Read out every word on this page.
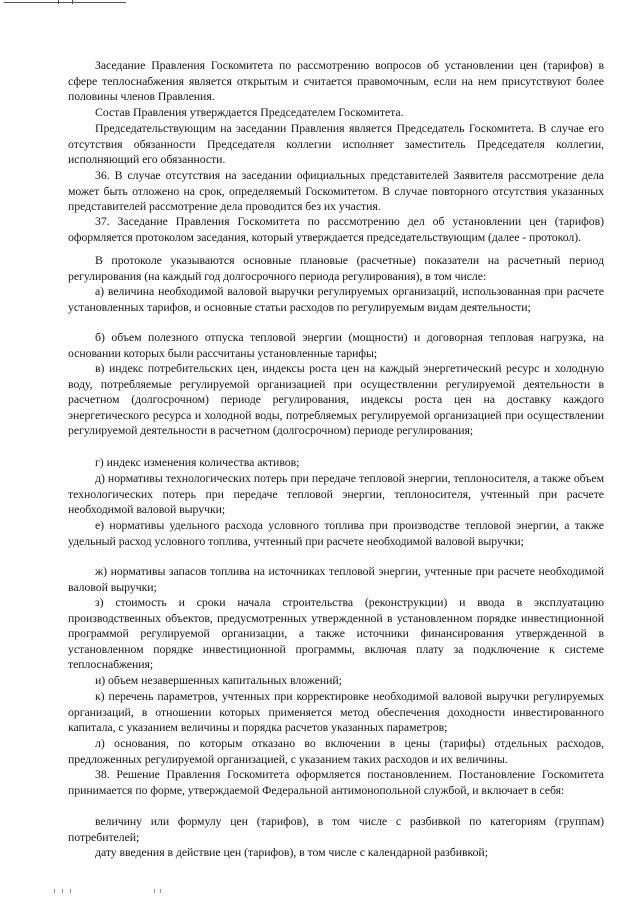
Заседание Правления Госкомитета по рассмотрению вопросов об установлении цен (тарифов) в сфере теплоснабжения является открытым и считается правомочным, если на нем присутствуют более половины членов Правления.

Состав Правления утверждается Председателем Госкомитета.

Председательствующим на заседании Правления является Председатель Госкомитета. В случае его отсутствия обязанности Председателя коллегии исполняет заместитель Председателя коллегии, исполняющий его обязанности.

36. В случае отсутствия на заседании официальных представителей Заявителя рассмотрение дела может быть отложено на срок, определяемый Госкомитетом. В случае повторного отсутствия указанных представителей рассмотрение дела проводится без их участия.

37. Заседание Правления Госкомитета по рассмотрению дел об установлении цен (тарифов) оформляется протоколом заседания, который утверждается председательствующим (далее - протокол).

В протоколе указываются основные плановые (расчетные) показатели на расчетный период регулирования (на каждый год долгосрочного периода регулирования), в том числе:

а) величина необходимой валовой выручки регулируемых организаций, использованная при расчете установленных тарифов, и основные статьи расходов по регулируемым видам деятельности;

б) объем полезного отпуска тепловой энергии (мощности) и договорная тепловая нагрузка, на основании которых были рассчитаны установленные тарифы;

в) индекс потребительских цен, индексы роста цен на каждый энергетический ресурс и холодную воду, потребляемые регулируемой организацией при осуществлении регулируемой деятельности в расчетном (долгосрочном) периоде регулирования, индексы роста цен на доставку каждого энергетического ресурса и холодной воды, потребляемых регулируемой организацией при осуществлении регулируемой деятельности в расчетном (долгосрочном) периоде регулирования;

г) индекс изменения количества активов;

д) нормативы технологических потерь при передаче тепловой энергии, теплоносителя, а также объем технологических потерь при передаче тепловой энергии, теплоносителя, учтенный при расчете необходимой валовой выручки;

е) нормативы удельного расхода условного топлива при производстве тепловой энергии, а также удельный расход условного топлива, учтенный при расчете необходимой валовой выручки;

ж) нормативы запасов топлива на источниках тепловой энергии, учтенные при расчете необходимой валовой выручки;

з) стоимость и сроки начала строительства (реконструкции) и ввода в эксплуатацию производственных объектов, предусмотренных утвержденной в установленном порядке инвестиционной программой регулируемой организации, а также источники финансирования утвержденной в установленном порядке инвестиционной программы, включая плату за подключение к системе теплоснабжения;

и) объем незавершенных капитальных вложений;

к) перечень параметров, учтенных при корректировке необходимой валовой выручки регулируемых организаций, в отношении которых применяется метод обеспечения доходности инвестированного капитала, с указанием величины и порядка расчетов указанных параметров;

л) основания, по которым отказано во включении в цены (тарифы) отдельных расходов, предложенных регулируемой организацией, с указанием таких расходов и их величины.

38. Решение Правления Госкомитета оформляется постановлением. Постановление Госкомитета принимается по форме, утверждаемой Федеральной антимонопольной службой, и включает в себя:

величину или формулу цен (тарифов), в том числе с разбивкой по категориям (группам) потребителей;

дату введения в действие цен (тарифов), в том числе с календарной разбивкой;
